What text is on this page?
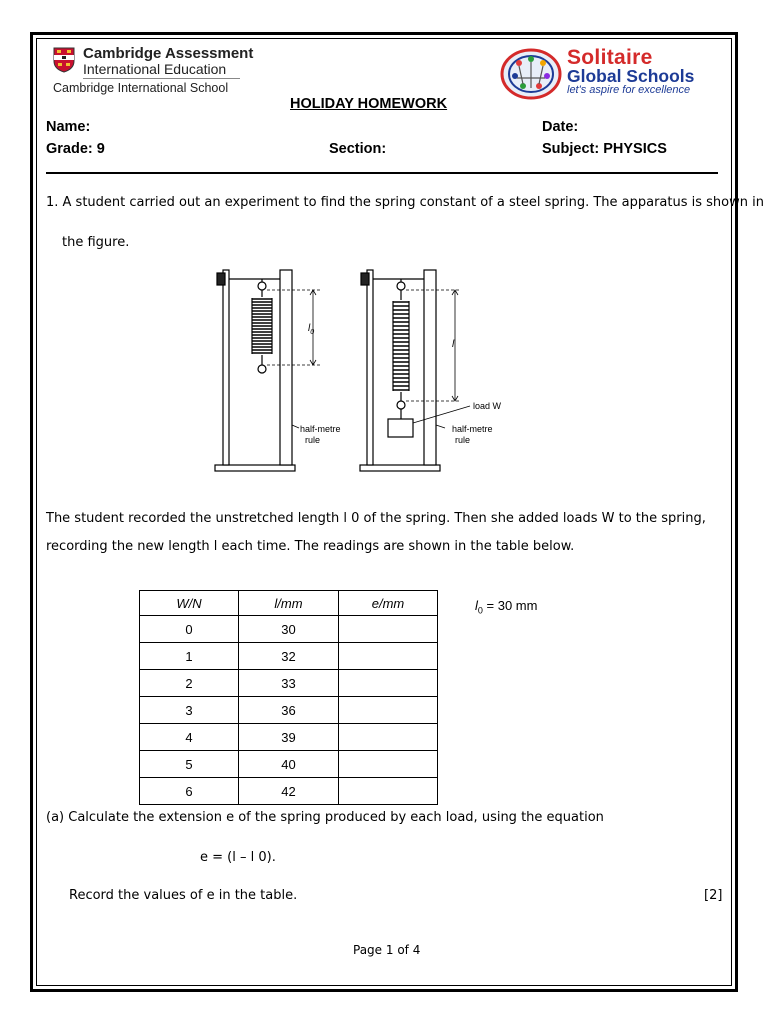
Cambridge Assessment
International Education
Cambridge International School
Solitaire
Global Schools
let's aspire for excellence
HOLIDAY HOMEWORK
Name:	Date:
Grade: 9	Section:	Subject: PHYSICS
1. A student carried out an experiment to find the spring constant of a steel spring. The apparatus is shown in
the figure.
$l_0$
half-metre
rule
l
load W
half-metre
rule
The student recorded the unstretched length l 0 of the spring. Then she added loads W to the spring,
recording the new length l each time. The readings are shown in the table below.
W/N	l/mm	e/mm
0	30	
1	32	
2	33	
3	36	
4	39	
5	40	
6	42	
$l_0 = 30$ mm
(a) Calculate the extension e of the spring produced by each load, using the equation
e = (l – l 0).
Record the values of e in the table.	[2]
Page 1 of 4
